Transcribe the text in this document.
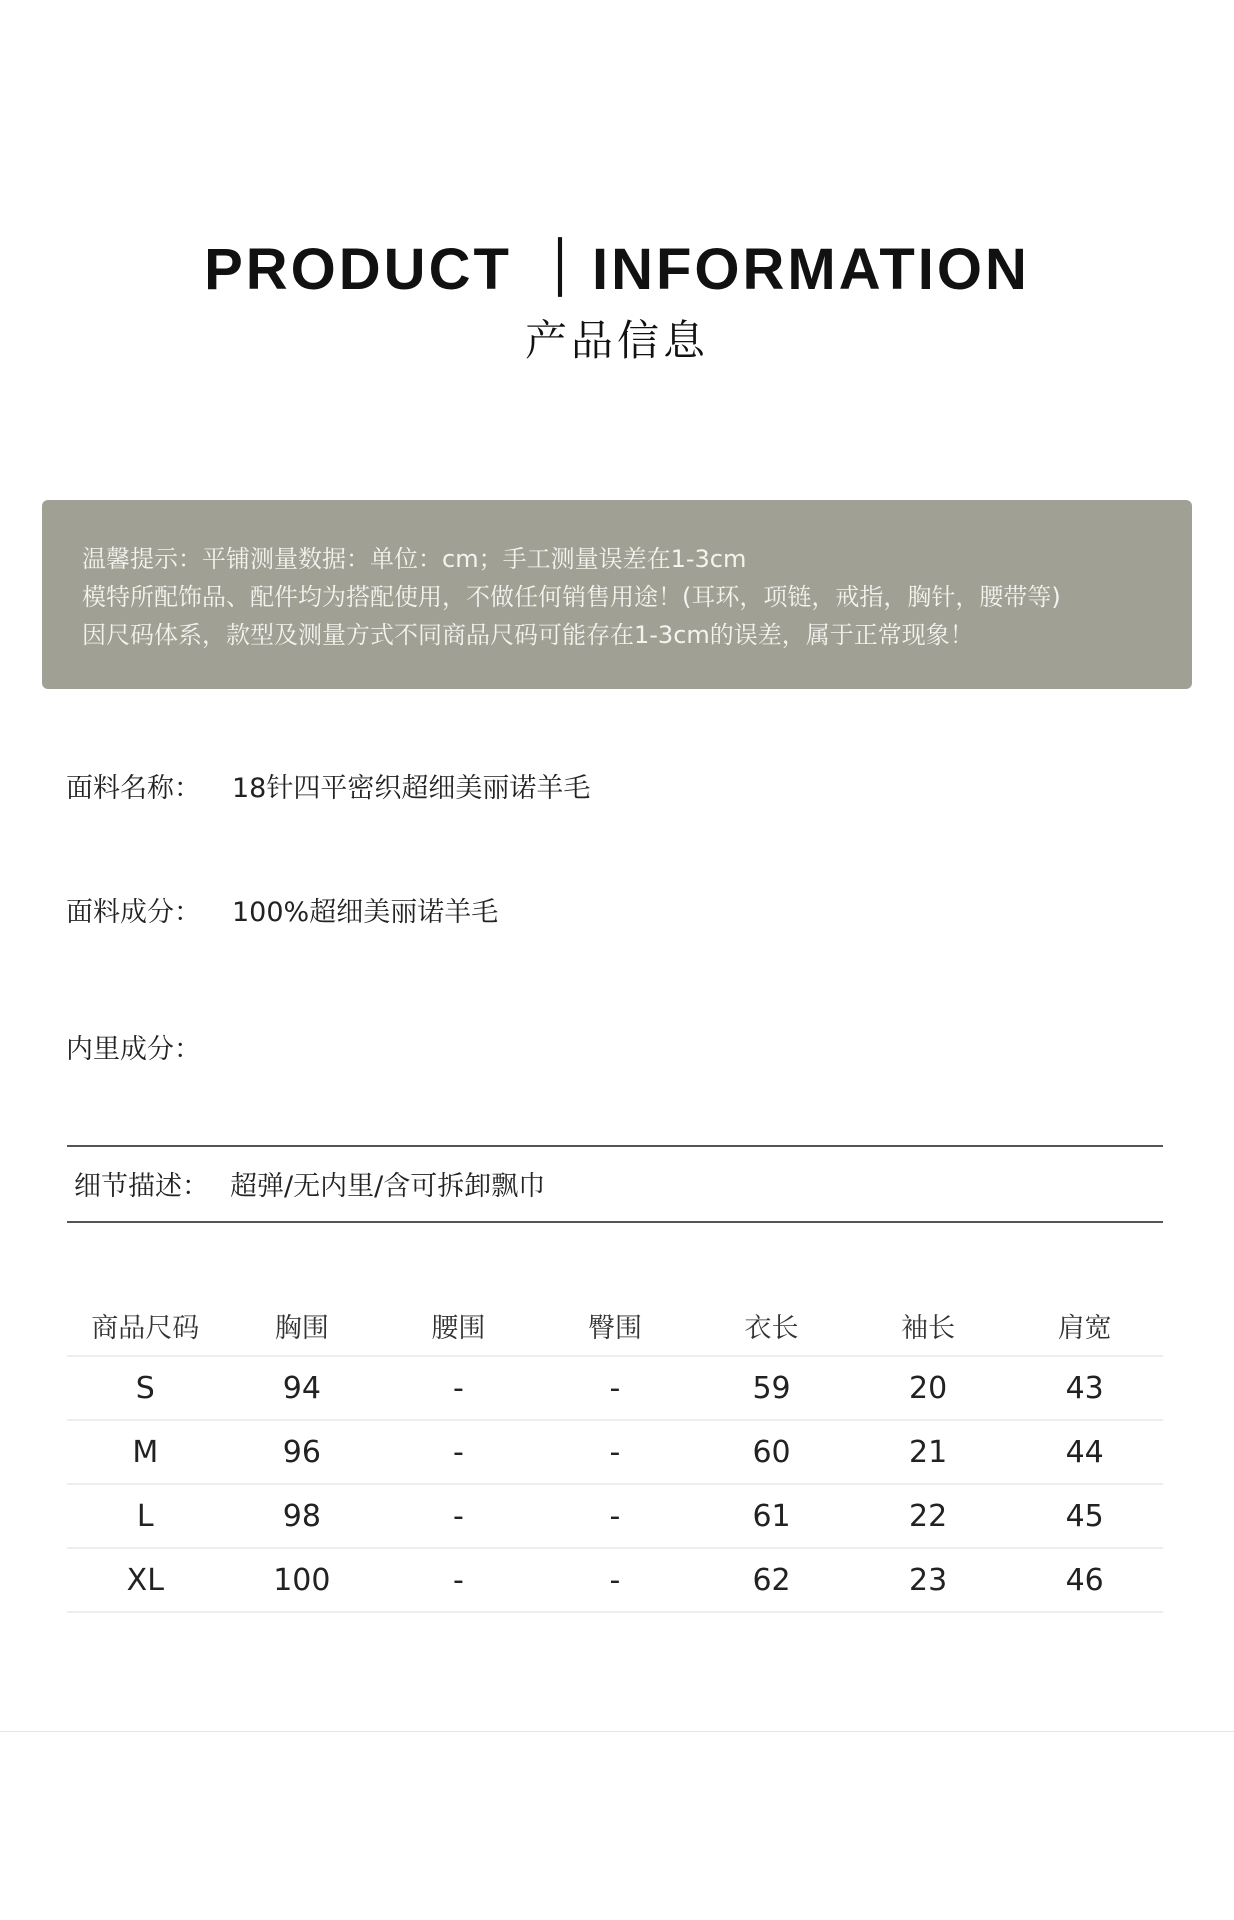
PRODUCT ｜INFORMATION
产品信息
温馨提示：平铺测量数据：单位：cm；手工测量误差在1-3cm
模特所配饰品、配件均为搭配使用，不做任何销售用途！(耳环，项链，戒指，胸针，腰带等)
因尺码体系，款型及测量方式不同商品尺码可能存在1-3cm的误差，属于正常现象！
面料名称： 18针四平密织超细美丽诺羊毛
面料成分： 100%超细美丽诺羊毛
内里成分：
细节描述： 超弹/无内里/含可拆卸飘巾
商品尺码	胸围	腰围	臀围	衣长	袖长	肩宽
S	94	-	-	59	20	43
M	96	-	-	60	21	44
L	98	-	-	61	22	45
XL	100	-	-	62	23	46
